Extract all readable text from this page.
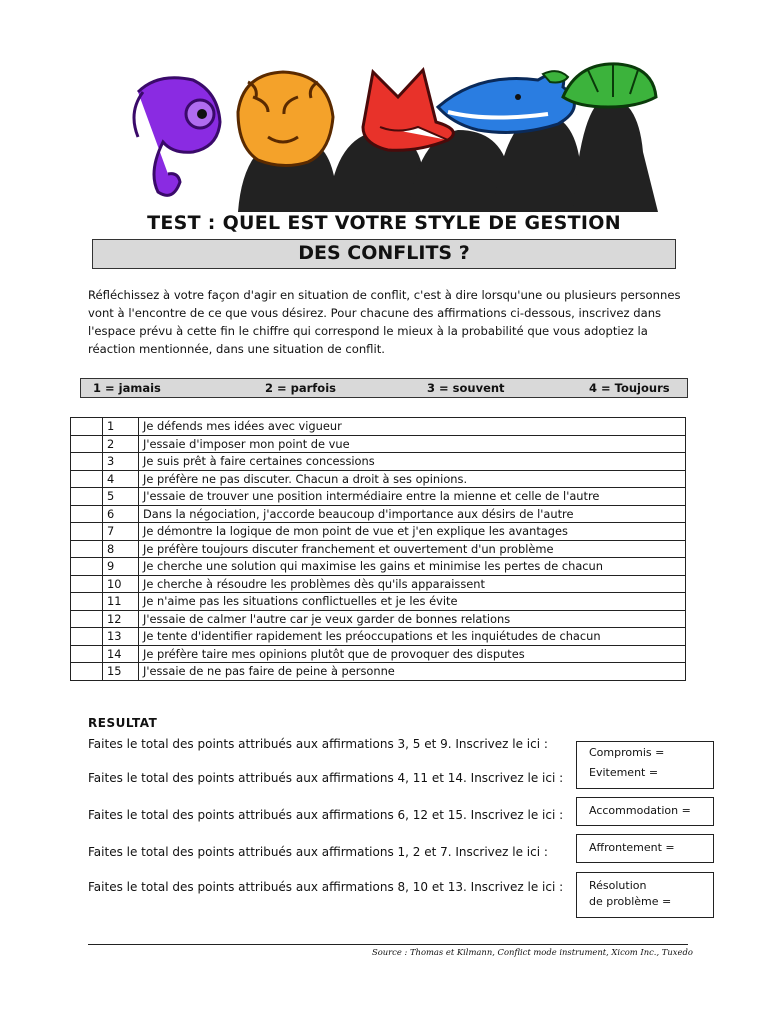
TEST : QUEL EST VOTRE STYLE DE GESTION
DES CONFLITS ?
Réfléchissez à votre façon d'agir en situation de conflit, c'est à dire lorsqu'une ou plusieurs personnes vont à l'encontre de ce que vous désirez. Pour chacune des affirmations ci-dessous, inscrivez dans l'espace prévu à cette fin le chiffre qui correspond le mieux à la probabilité que vous adoptiez la réaction mentionnée, dans une situation de conflit.
1 = jamais	2 = parfois	3 = souvent	4 = Toujours
	1	Je défends mes idées avec vigueur
	2	J'essaie d'imposer mon point de vue
	3	Je suis prêt à faire certaines concessions
	4	Je préfère ne pas discuter. Chacun a droit à ses opinions.
	5	J'essaie de trouver une position intermédiaire entre la mienne et celle de l'autre
	6	Dans la négociation, j'accorde beaucoup d'importance aux désirs de l'autre
	7	Je démontre la logique de mon point de vue et j'en explique les avantages
	8	Je préfère toujours discuter franchement et ouvertement d'un problème
	9	Je cherche une solution qui maximise les gains et minimise les pertes de chacun
	10	Je cherche à résoudre les problèmes dès qu'ils apparaissent
	11	Je n'aime pas les situations conflictuelles et je les évite
	12	J'essaie de calmer l'autre car je veux garder de bonnes relations
	13	Je tente d'identifier rapidement les préoccupations et les inquiétudes de chacun
	14	Je préfère taire mes opinions plutôt que de provoquer des disputes
	15	J'essaie de ne pas faire de peine à personne
RESULTAT
Faites le total des points attribués aux affirmations 3, 5 et 9. Inscrivez le ici :
Faites le total des points attribués aux affirmations 4, 11 et 14. Inscrivez le ici :
Faites le total des points attribués aux affirmations 6, 12 et 15. Inscrivez le ici :
Faites le total des points attribués aux affirmations 1, 2 et 7. Inscrivez le ici :
Faites le total des points attribués aux affirmations 8, 10 et 13. Inscrivez le ici :
Compromis =
Evitement =
Accommodation =
Affrontement =
Résolution
de problème =
Source : Thomas et Kilmann, Conflict mode instrument, Xicom Inc., Tuxedo
